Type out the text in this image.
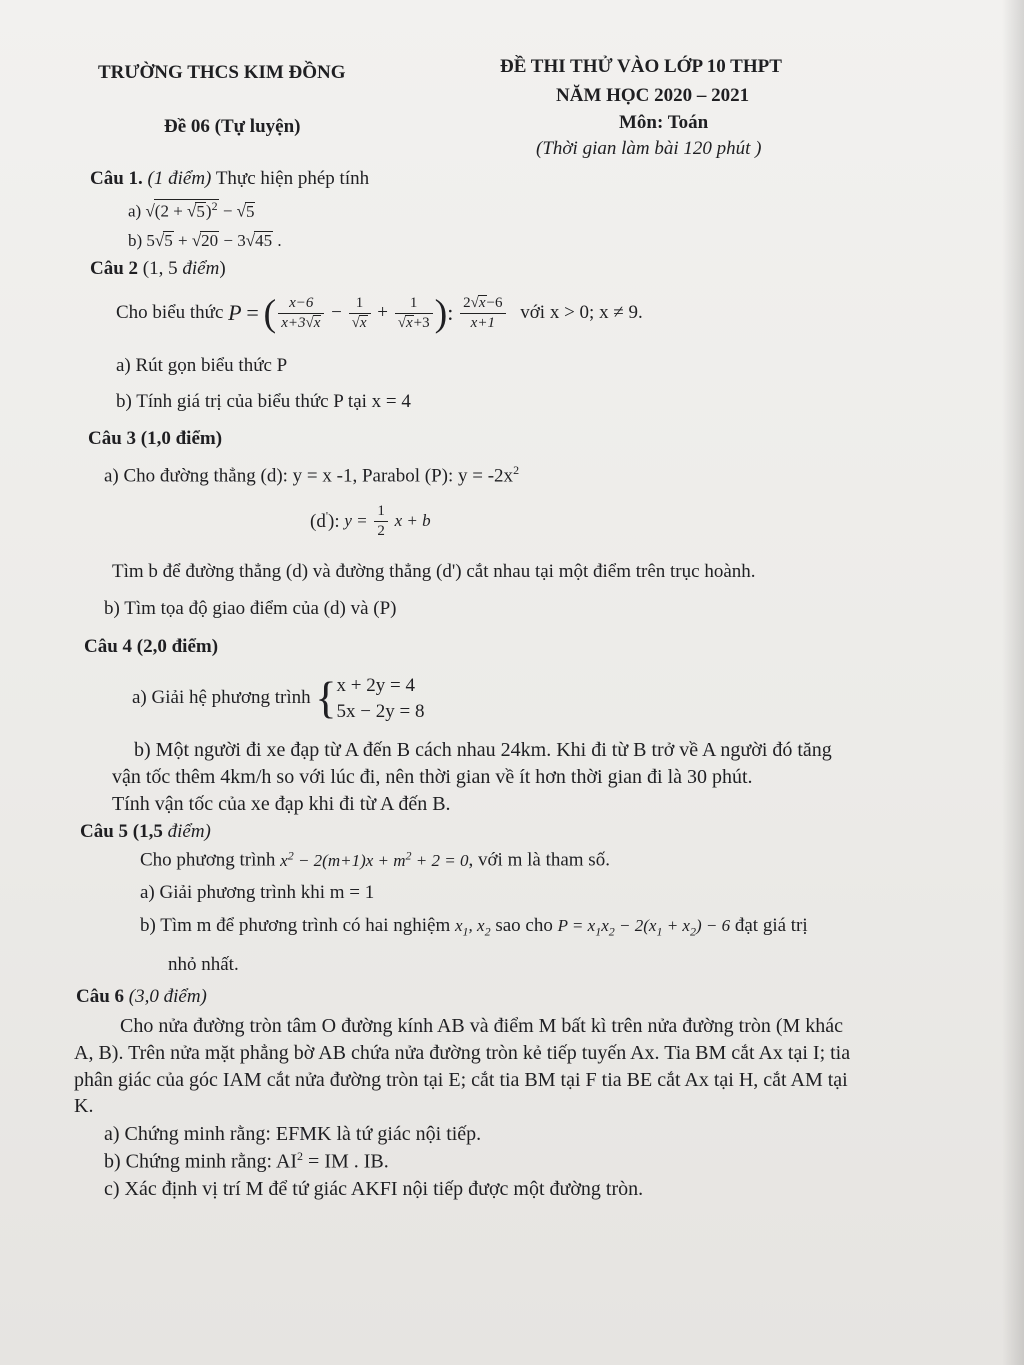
TRƯỜNG THCS KIM ĐỒNG	ĐỀ THI THỬ VÀO LỚP 10 THPT
NĂM HỌC 2020 – 2021
Đề 06 (Tự luyện)	Môn: Toán
(Thời gian làm bài 120 phút )
Câu 1. (1 điểm) Thực hiện phép tính
a) $√(2 + √5)^2 - √5$
b) 5√5 + √20 − 3√45 .
Câu 2 (1, 5 điểm)
Cho biểu thức P = ( $\frac{x-6}{x+3√x} - \frac{1}{√x} + \frac{1}{√x+3}$ ): $\frac{2√x-6}{x+1}$ với x > 0; x ≠ 9.
a) Rút gọn biểu thức P
b) Tính giá trị của biểu thức P tại x = 4
Câu 3 (1,0 điểm)
a) Cho đường thẳng (d): y = x -1, Parabol (P): $y = -2x^2$
(d'): $y = \frac{1}{2}$ x + b
Tìm b để đường thẳng (d) và đường thẳng (d') cắt nhau tại một điểm trên trục hoành.
b) Tìm tọa độ giao điểm của (d) và (P)
Câu 4 (2,0 điểm)
a) Giải hệ phương trình {x + 2y = 4
5x − 2y = 8
b) Một người đi xe đạp từ A đến B cách nhau 24km. Khi đi từ B trở về A người đó tăng
vận tốc thêm 4km/h so với lúc đi, nên thời gian về ít hơn thời gian đi là 30 phút.
Tính vận tốc của xe đạp khi đi từ A đến B.
Câu 5 (1,5 điểm)
Cho phương trình $x^2 - 2(m+1)x + m^2 + 2 = 0$, với m là tham số.
a) Giải phương trình khi m = 1
b) Tìm m để phương trình có hai nghiệm $x_1$, $x_2$ sao cho $P = x_1x_2 - 2(x_1 + x_2) - 6$ đạt giá trị
nhỏ nhất.
Câu 6 (3,0 điểm)
Cho nửa đường tròn tâm O đường kính AB và điểm M bất kì trên nửa đường tròn (M khác
A, B). Trên nửa mặt phẳng bờ AB chứa nửa đường tròn kẻ tiếp tuyến Ax. Tia BM cắt Ax tại I; tia
phân giác của góc IAM cắt nửa đường tròn tại E; cắt tia BM tại F tia BE cắt Ax tại H, cắt AM tại
K.
a) Chứng minh rằng: EFMK là tứ giác nội tiếp.
b) Chứng minh rằng: $AI^2$ = IM . IB.
c) Xác định vị trí M để tứ giác AKFI nội tiếp được một đường tròn.
